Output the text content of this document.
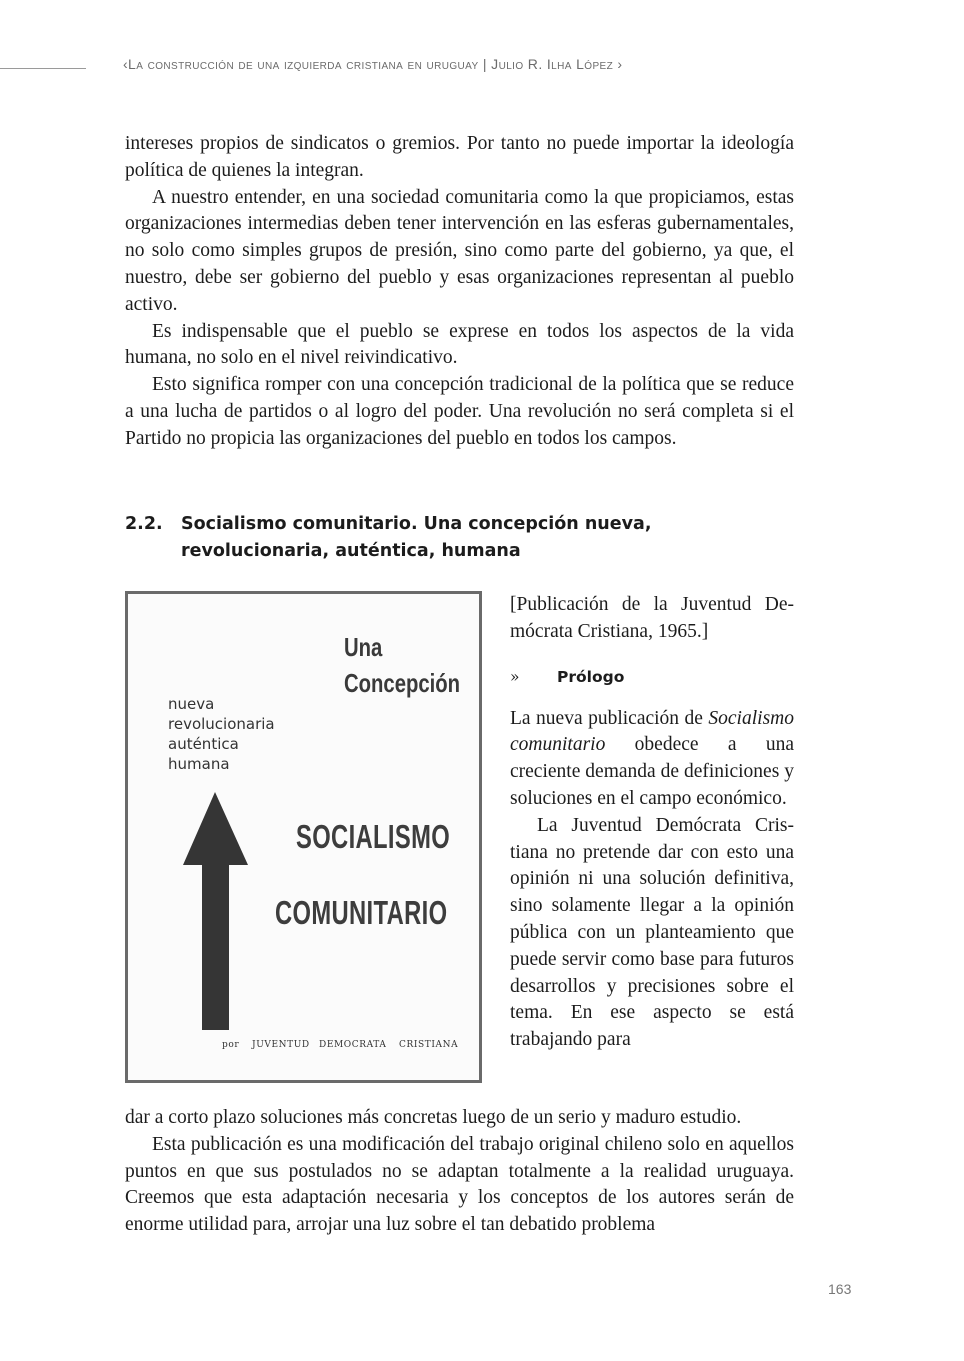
‹La construcción de una izquierda cristiana en uruguay | Julio R. Ilha López ›

intereses propios de sindicatos o gremios. Por tanto no puede importar la ideología política de quienes la integran.

A nuestro entender, en una sociedad comunitaria como la que propiciamos, estas organizaciones intermedias deben tener intervención en las esferas gubernamentales, no solo como simples grupos de presión, sino como parte del gobierno, ya que, el nuestro, debe ser gobierno del pueblo y esas organizaciones representan al pueblo activo.

Es indispensable que el pueblo se exprese en todos los aspectos de la vida humana, no solo en el nivel reivindicativo.

Esto significa romper con una concepción tradicional de la política que se reduce a una lucha de partidos o al logro del poder. Una revolución no será completa si el Partido no propicia las organizaciones del pueblo en todos los campos.

2.2. Socialismo comunitario. Una concepción nueva,
revolucionaria, auténtica, humana
Una
Concepción
nueva
revolucionaria
auténtica
humana
SOCIALISMO
COMUNITARIO
por JUVENTUD DEMOCRATA CRISTIANA

[Publicación de la Juventud Demócrata Cristiana, 1965.]

» Prólogo

La nueva publicación de Socialismo comunitario obedece a una creciente demanda de definiciones y soluciones en el campo económico.

La Juventud Demócrata Cristiana no pretende dar con esto una opinión ni una solución definitiva, sino solamente llegar a la opinión pública con un planteamiento que puede servir como base para futuros desarrollos y precisiones sobre el tema. En ese aspecto se está trabajando para

dar a corto plazo soluciones más concretas luego de un serio y maduro estudio.

Esta publicación es una modificación del trabajo original chileno solo en aquellos puntos en que sus postulados no se adaptan totalmente a la realidad uruguaya. Creemos que esta adaptación necesaria y los conceptos de los autores serán de enorme utilidad para, arrojar una luz sobre el tan debatido problema

163
